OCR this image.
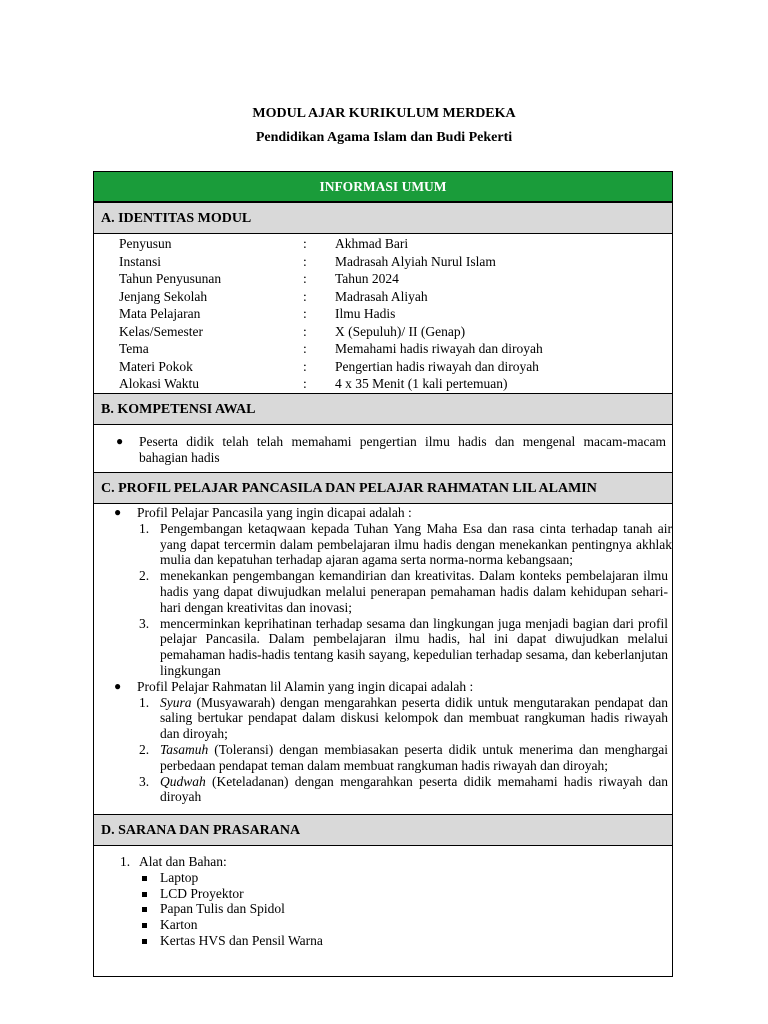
MODUL AJAR KURIKULUM MERDEKA

Pendidikan Agama Islam dan Budi Pekerti

INFORMASI UMUM
A. IDENTITAS MODUL
Penyusun	: Akhmad Bari
Instansi	: Madrasah Alyiah Nurul Islam
Tahun Penyusunan	: Tahun 2024
Jenjang Sekolah	: Madrasah Aliyah
Mata Pelajaran	: Ilmu Hadis
Kelas/Semester	: X (Sepuluh)/ II (Genap)
Tema	: Memahami hadis riwayah dan diroyah
Materi Pokok	: Pengertian hadis riwayah dan diroyah
Alokasi Waktu	: 4 x 35 Menit (1 kali pertemuan)
B. KOMPETENSI AWAL
● Peserta didik telah telah memahami pengertian ilmu hadis dan mengenal macam-macam bahagian hadis
C. PROFIL PELAJAR PANCASILA DAN PELAJAR RAHMATAN LIL ALAMIN
● Profil Pelajar Pancasila yang ingin dicapai adalah :
1. Pengembangan ketaqwaan kepada Tuhan Yang Maha Esa dan rasa cinta terhadap tanah air yang dapat tercermin dalam pembelajaran ilmu hadis dengan menekankan pentingnya akhlak mulia dan kepatuhan terhadap ajaran agama serta norma-norma kebangsaan;
2. menekankan pengembangan kemandirian dan kreativitas. Dalam konteks pembelajaran ilmu hadis yang dapat diwujudkan melalui penerapan pemahaman hadis dalam kehidupan sehari-hari dengan kreativitas dan inovasi;
3. mencerminkan keprihatinan terhadap sesama dan lingkungan juga menjadi bagian dari profil pelajar Pancasila. Dalam pembelajaran ilmu hadis, hal ini dapat diwujudkan melalui pemahaman hadis-hadis tentang kasih sayang, kepedulian terhadap sesama, dan keberlanjutan lingkungan
● Profil Pelajar Rahmatan lil Alamin yang ingin dicapai adalah :
1. Syura (Musyawarah) dengan mengarahkan peserta didik untuk mengutarakan pendapat dan saling bertukar pendapat dalam diskusi kelompok dan membuat rangkuman hadis riwayah dan diroyah;
2. Tasamuh (Toleransi) dengan membiasakan peserta didik untuk menerima dan menghargai perbedaan pendapat teman dalam membuat rangkuman hadis riwayah dan diroyah;
3. Qudwah (Keteladanan) dengan mengarahkan peserta didik memahami hadis riwayah dan diroyah
D. SARANA DAN PRASARANA
1. Alat dan Bahan:
Laptop
LCD Proyektor
Papan Tulis dan Spidol
Karton
Kertas HVS dan Pensil Warna
